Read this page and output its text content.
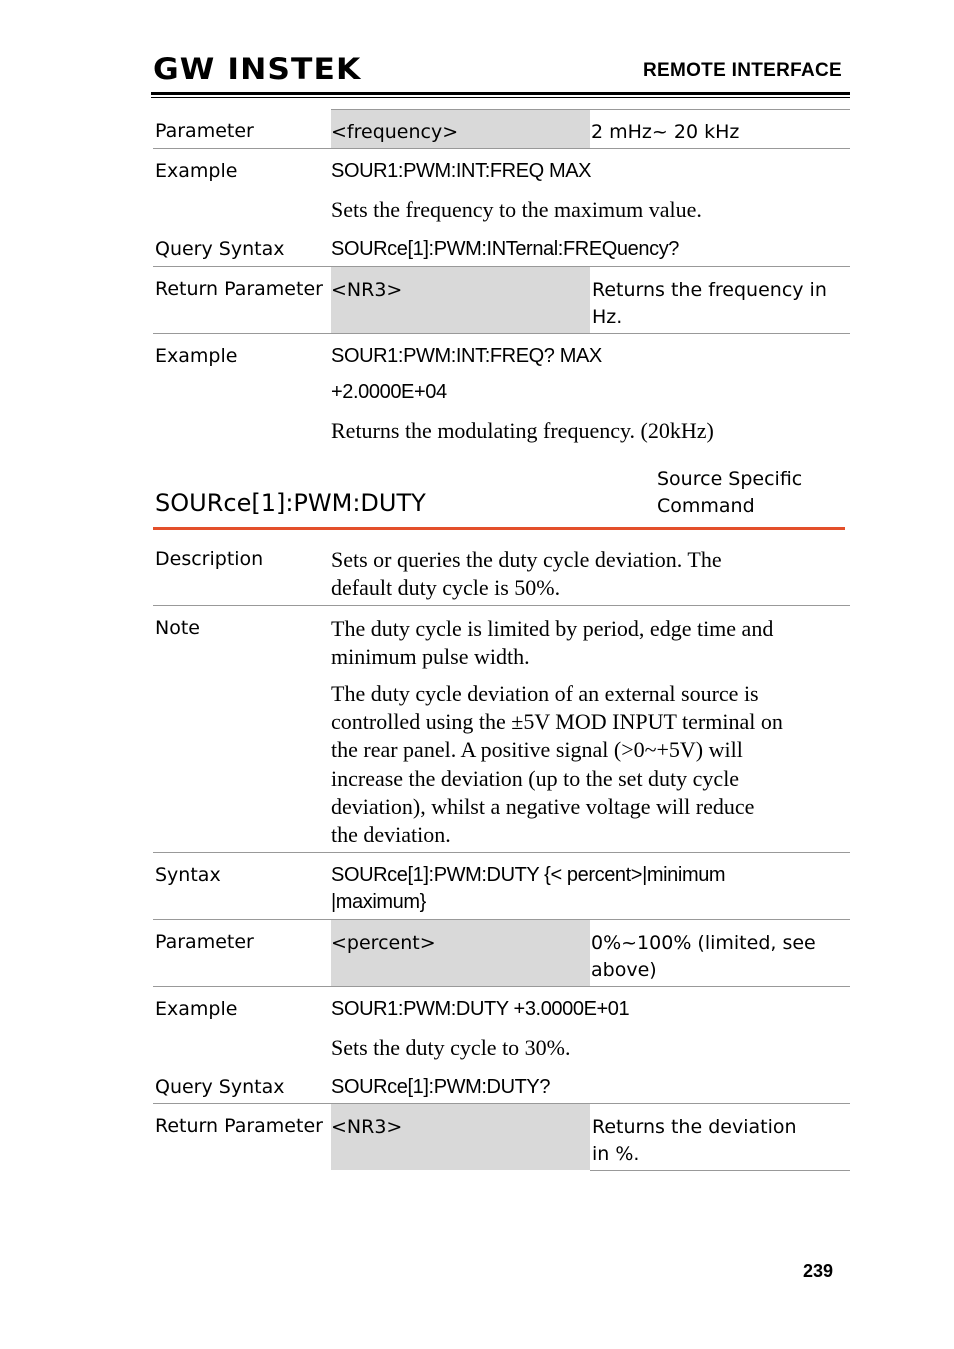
GW INSTEK	REMOTE INTERFACE
Parameter	<frequency>	2 mHz~ 20 kHz
Example	SOUR1:PWM:INT:FREQ MAX
Sets the frequency to the maximum value.
Query Syntax SOURce[1]:PWM:INTernal:FREQuency?
Return Parameter <NR3>	Returns the frequency in
Hz.
Example	SOUR1:PWM:INT:FREQ? MAX
+2.0000E+04
Returns the modulating frequency. (20kHz)
SOURce[1]:PWM:DUTY
Source Specific
Command
Description	Sets or queries the duty cycle deviation. The
default duty cycle is 50%.
Note	The duty cycle is limited by period, edge time and
minimum pulse width.
The duty cycle deviation of an external source is
controlled using the ±5V MOD INPUT terminal on
the rear panel. A positive signal (>0~+5V) will
increase the deviation (up to the set duty cycle
deviation), whilst a negative voltage will reduce
the deviation.
Syntax	SOURce[1]:PWM:DUTY {< percent>|minimum
|maximum}
Parameter	<percent>	0%~100% (limited, see
above)
Example	SOUR1:PWM:DUTY +3.0000E+01
Sets the duty cycle to 30%.
Query Syntax SOURce[1]:PWM:DUTY?
Return Parameter <NR3>	Returns the deviation
in %.
239
